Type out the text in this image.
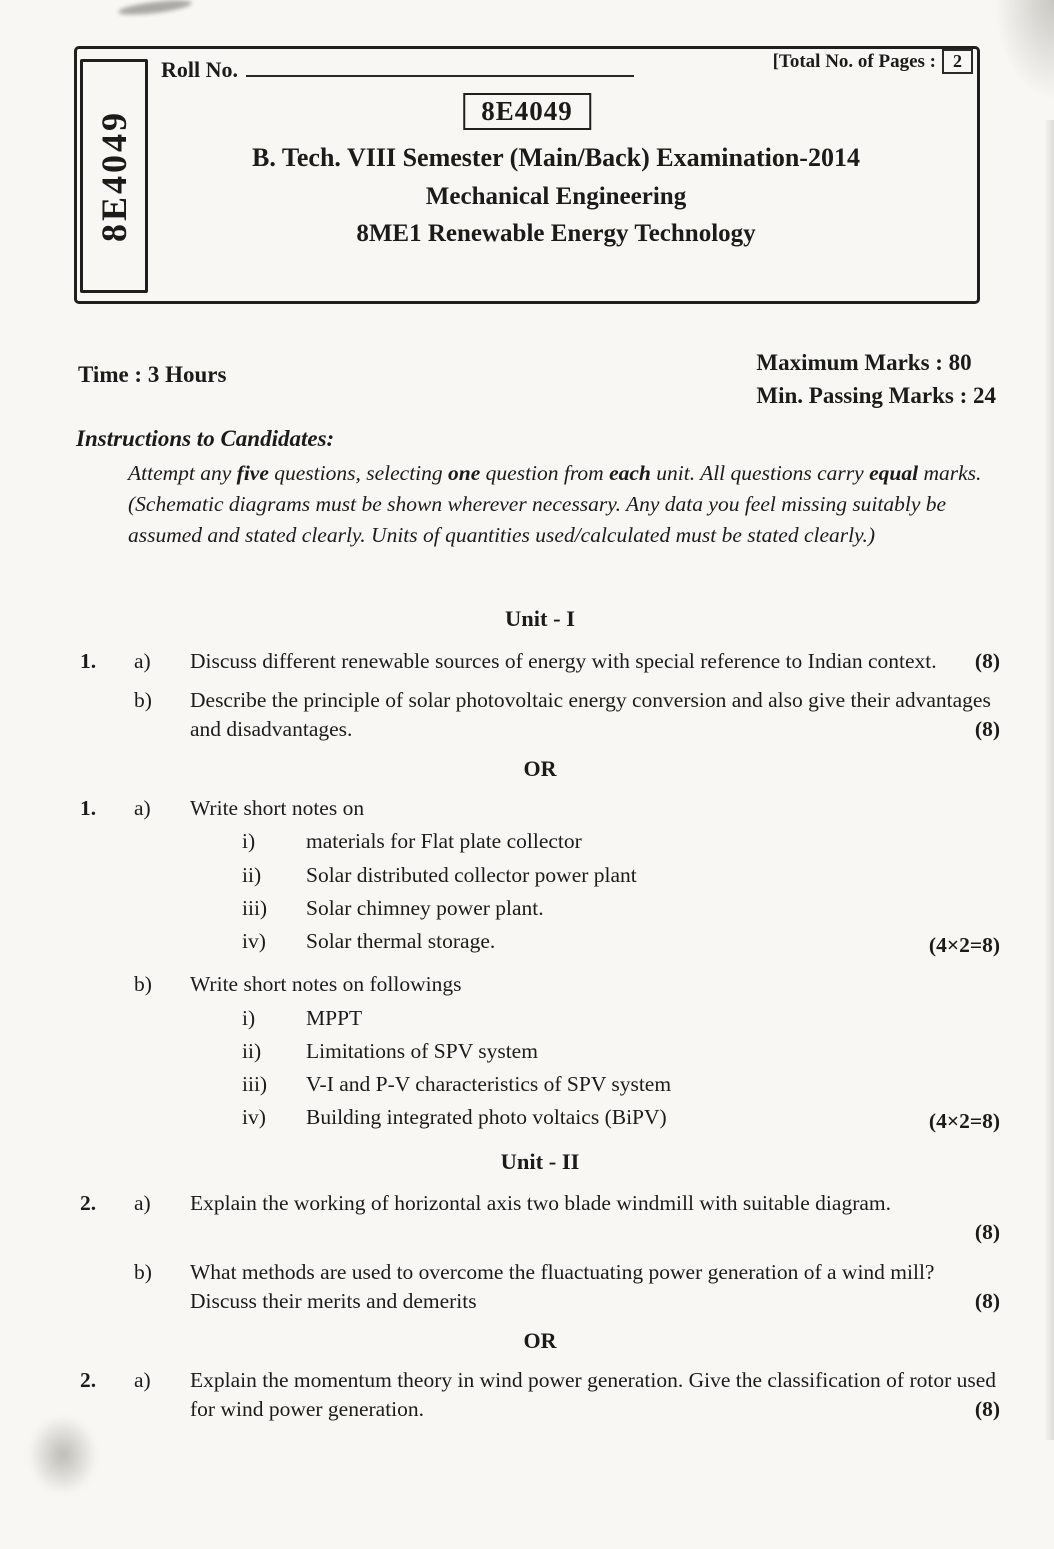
8E4049
Roll No.	[Total No. of Pages : 2
8E4049
B. Tech. VIII Semester (Main/Back) Examination-2014
Mechanical Engineering
8ME1 Renewable Energy Technology
Time : 3 Hours	Maximum Marks : 80
Min. Passing Marks : 24
Instructions to Candidates:
Attempt any five questions, selecting one question from each unit. All questions carry equal marks. (Schematic diagrams must be shown wherever necessary. Any data you feel missing suitably be assumed and stated clearly. Units of quantities used/calculated must be stated clearly.)
Unit - I
1.	a)	Discuss different renewable sources of energy with special reference to Indian context.	(8)
b)	Describe the principle of solar photovoltaic energy conversion and also give their advantages and disadvantages.	(8)
OR
1.	a)	Write short notes on
i)	materials for Flat plate collector
ii)	Solar distributed collector power plant
iii)	Solar chimney power plant.
iv)	Solar thermal storage.	(4×2=8)
b)	Write short notes on followings
i)	MPPT
ii)	Limitations of SPV system
iii)	V-I and P-V characteristics of SPV system
iv)	Building integrated photo voltaics (BiPV)	(4×2=8)
Unit - II
2.	a)	Explain the working of horizontal axis two blade windmill with suitable diagram.
(8)
b)	What methods are used to overcome the fluactuating power generation of a wind mill? Discuss their merits and demerits	(8)
OR
2.	a)	Explain the momentum theory in wind power generation. Give the classification of rotor used for wind power generation.	(8)
